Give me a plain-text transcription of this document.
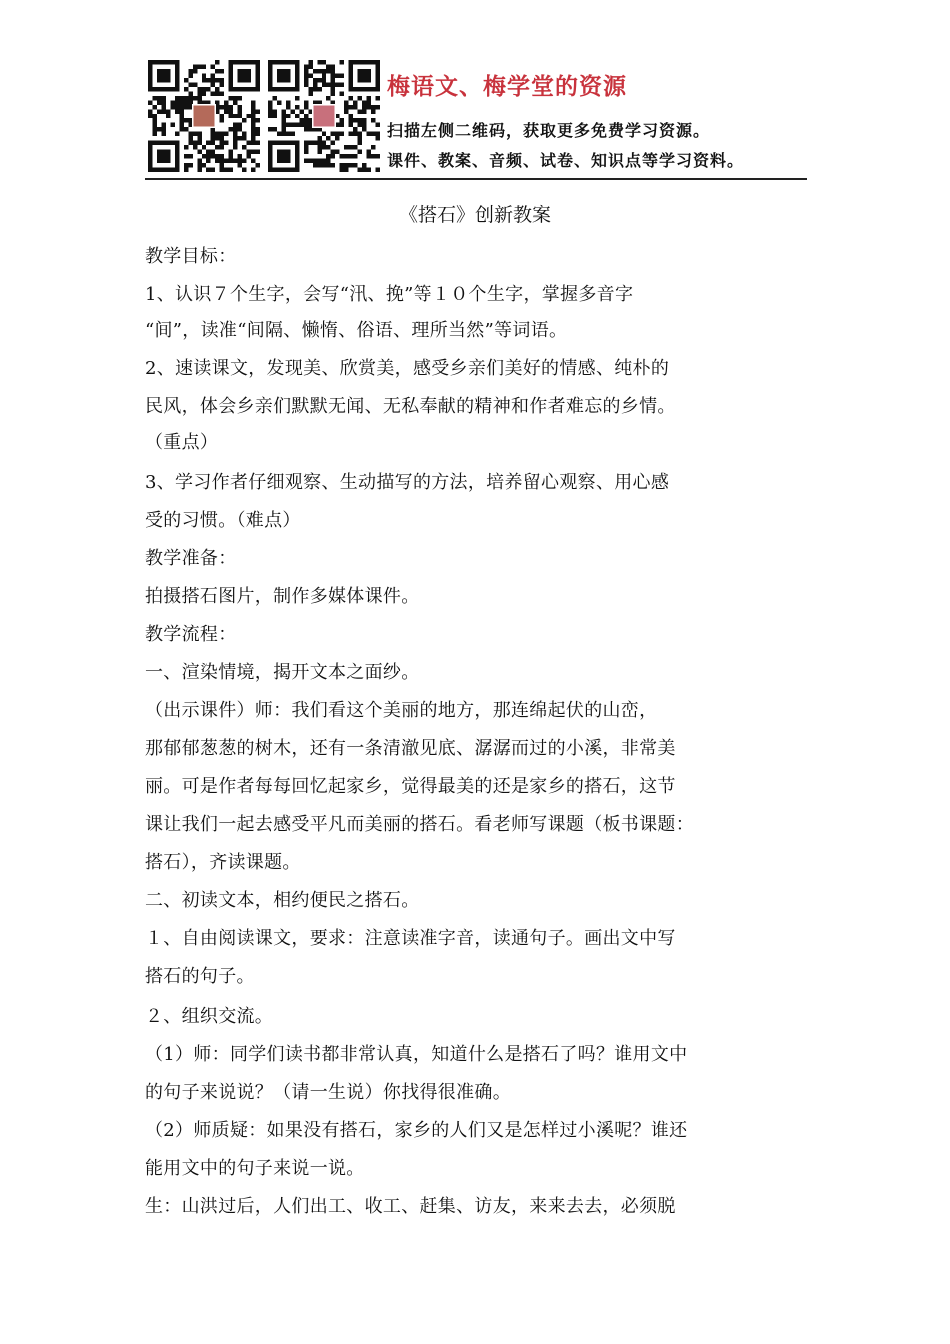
梅语文、梅学堂的资源
扫描左侧二维码，获取更多免费学习资源。
课件、教案、音频、试卷、知识点等学习资料。
《搭石》创新教案
教学目标：
1、认识７个生字，会写“汛、挽”等１０个生字，掌握多音字
“间”，读准“间隔、懒惰、俗语、理所当然”等词语。
2、速读课文，发现美、欣赏美，感受乡亲们美好的情感、纯朴的
民风，体会乡亲们默默无闻、无私奉献的精神和作者难忘的乡情。
（重点）
3、学习作者仔细观察、生动描写的方法，培养留心观察、用心感
受的习惯。（难点）
教学准备：
拍摄搭石图片，制作多媒体课件。
教学流程：
一、渲染情境，揭开文本之面纱。
（出示课件）师：我们看这个美丽的地方，那连绵起伏的山峦，
那郁郁葱葱的树木，还有一条清澈见底、潺潺而过的小溪，非常美
丽。可是作者每每回忆起家乡，觉得最美的还是家乡的搭石，这节
课让我们一起去感受平凡而美丽的搭石。看老师写课题（板书课题：
搭石），齐读课题。
二、初读文本，相约便民之搭石。
１、自由阅读课文，要求：注意读准字音，读通句子。画出文中写
搭石的句子。
２、组织交流。
（1）师：同学们读书都非常认真，知道什么是搭石了吗？谁用文中
的句子来说说？（请一生说）你找得很准确。
（2）师质疑：如果没有搭石，家乡的人们又是怎样过小溪呢？谁还
能用文中的句子来说一说。
生：山洪过后，人们出工、收工、赶集、访友，来来去去，必须脱
